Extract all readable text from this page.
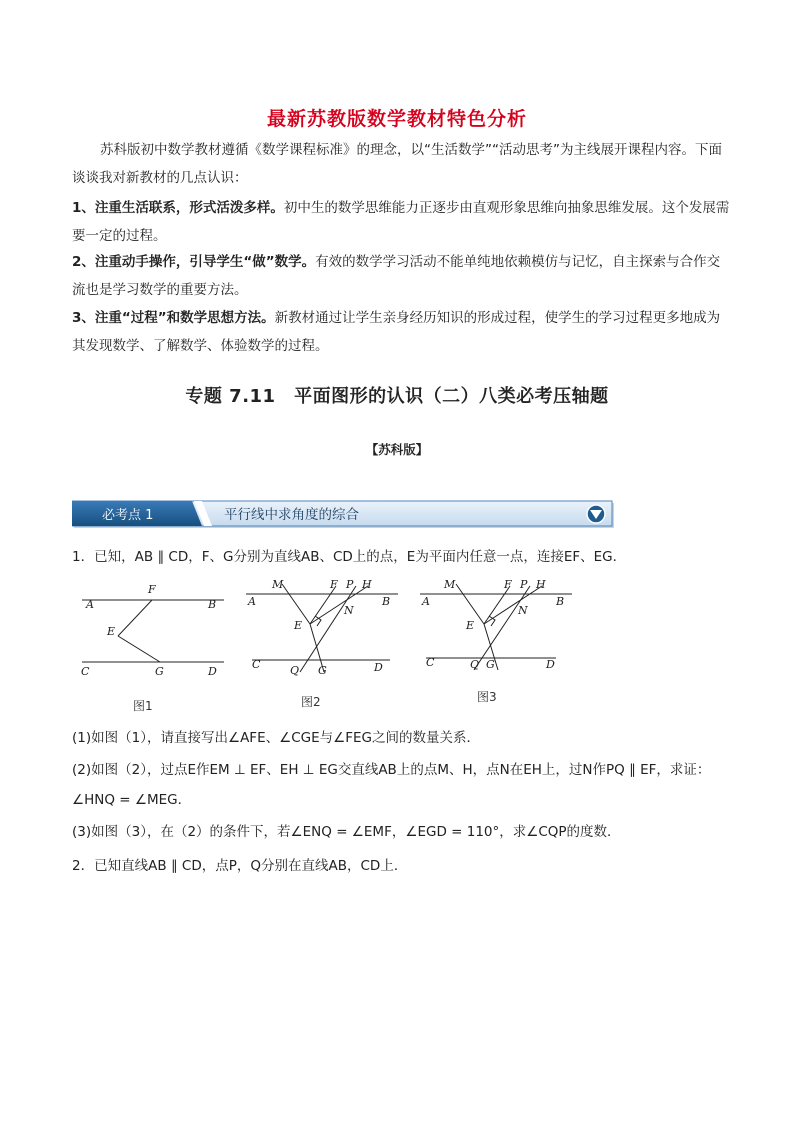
最新苏教版数学教材特色分析
苏科版初中数学教材遵循《数学课程标准》的理念，以“生活数学”“活动思考”为主线展开课程内容。下面谈谈我对新教材的几点认识：
1、注重生活联系，形式活泼多样。初中生的数学思维能力正逐步由直观形象思维向抽象思维发展。这个发展需要一定的过程。
2、注重动手操作，引导学生“做”数学。有效的数学学习活动不能单纯地依赖模仿与记忆，自主探索与合作交流也是学习数学的重要方法。
3、注重“过程”和数学思想方法。新教材通过让学生亲身经历知识的形成过程，使学生的学习过程更多地成为其发现数学、了解数学、体验数学的过程。
专题 7.11　平面图形的认识（二）八类必考压轴题
【苏科版】
必考点 1	平行线中求角度的综合
1．已知，AB ∥ CD，F、G分别为直线AB、CD上的点，E为平面内任意一点，连接EF、EG．
A	B
F
E
C	G	D
图1
A	B
M	F P H
N
E
C	Q G	D
图2
A	B
M	F P H
N
E
C	Q G	D
图3
(1)如图（1），请直接写出∠AFE、∠CGE与∠FEG之间的数量关系．
(2)如图（2），过点E作EM ⊥ EF、EH ⊥ EG交直线AB上的点M、H，点N在EH上，过N作PQ ∥ EF，求证：
∠HNQ = ∠MEG．
(3)如图（3），在（2）的条件下，若∠ENQ = ∠EMF，∠EGD = 110°，求∠CQP的度数．
2．已知直线AB ∥ CD，点P，Q分别在直线AB，CD上．
